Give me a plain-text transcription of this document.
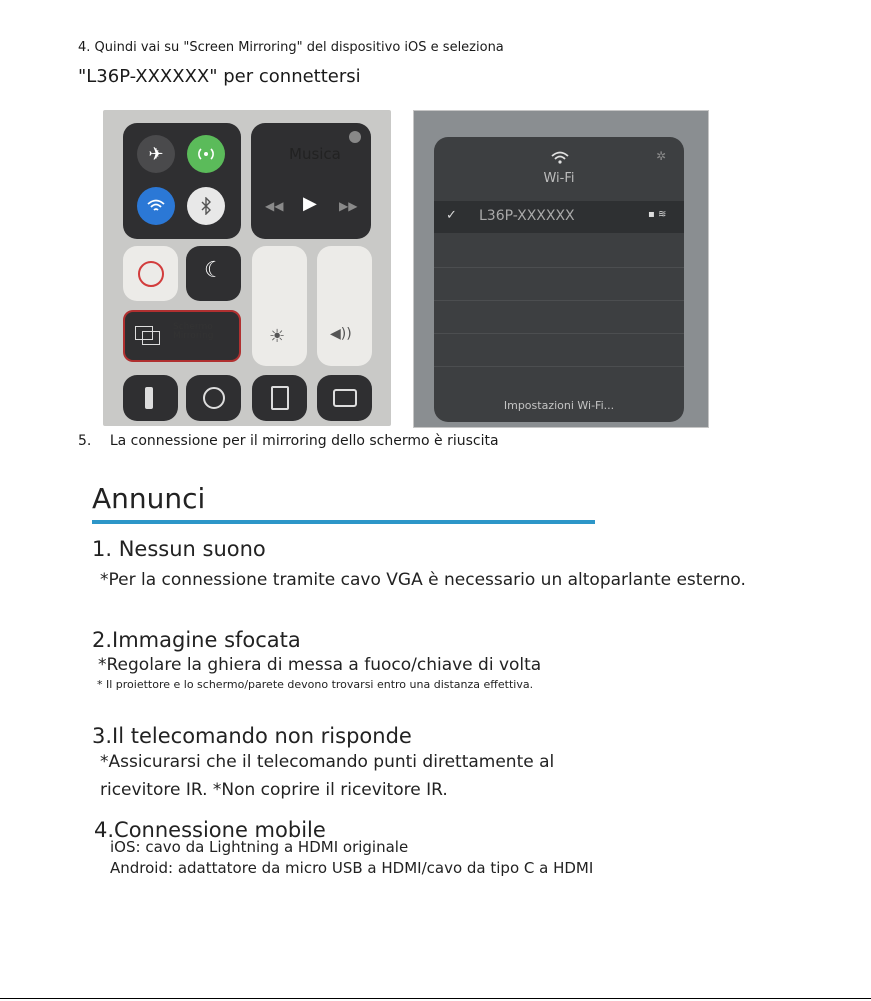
4. Quindi vai su "Screen Mirroring" del dispositivo iOS e seleziona
"L36P-XXXXXX" per connettersi
✈	Musica
◀◀ ▶ ▶▶
☾
☀	◀))
Schermo
Mirroring
✲
Wi-Fi
✓ L36P-XXXXXX	▪ ≋
Impostazioni Wi-Fi...
5. La connessione per il mirroring dello schermo è riuscita
Annunci
1. Nessun suono
*Per la connessione tramite cavo VGA è necessario un altoparlante esterno.
2.Immagine sfocata
*Regolare la ghiera di messa a fuoco/chiave di volta
* Il proiettore e lo schermo/parete devono trovarsi entro una distanza effettiva.
3.Il telecomando non risponde
*Assicurarsi che il telecomando punti direttamente al
ricevitore IR. *Non coprire il ricevitore IR.
4.Connessione mobile
iOS: cavo da Lightning a HDMI originale
Android: adattatore da micro USB a HDMI/cavo da tipo C a HDMI
